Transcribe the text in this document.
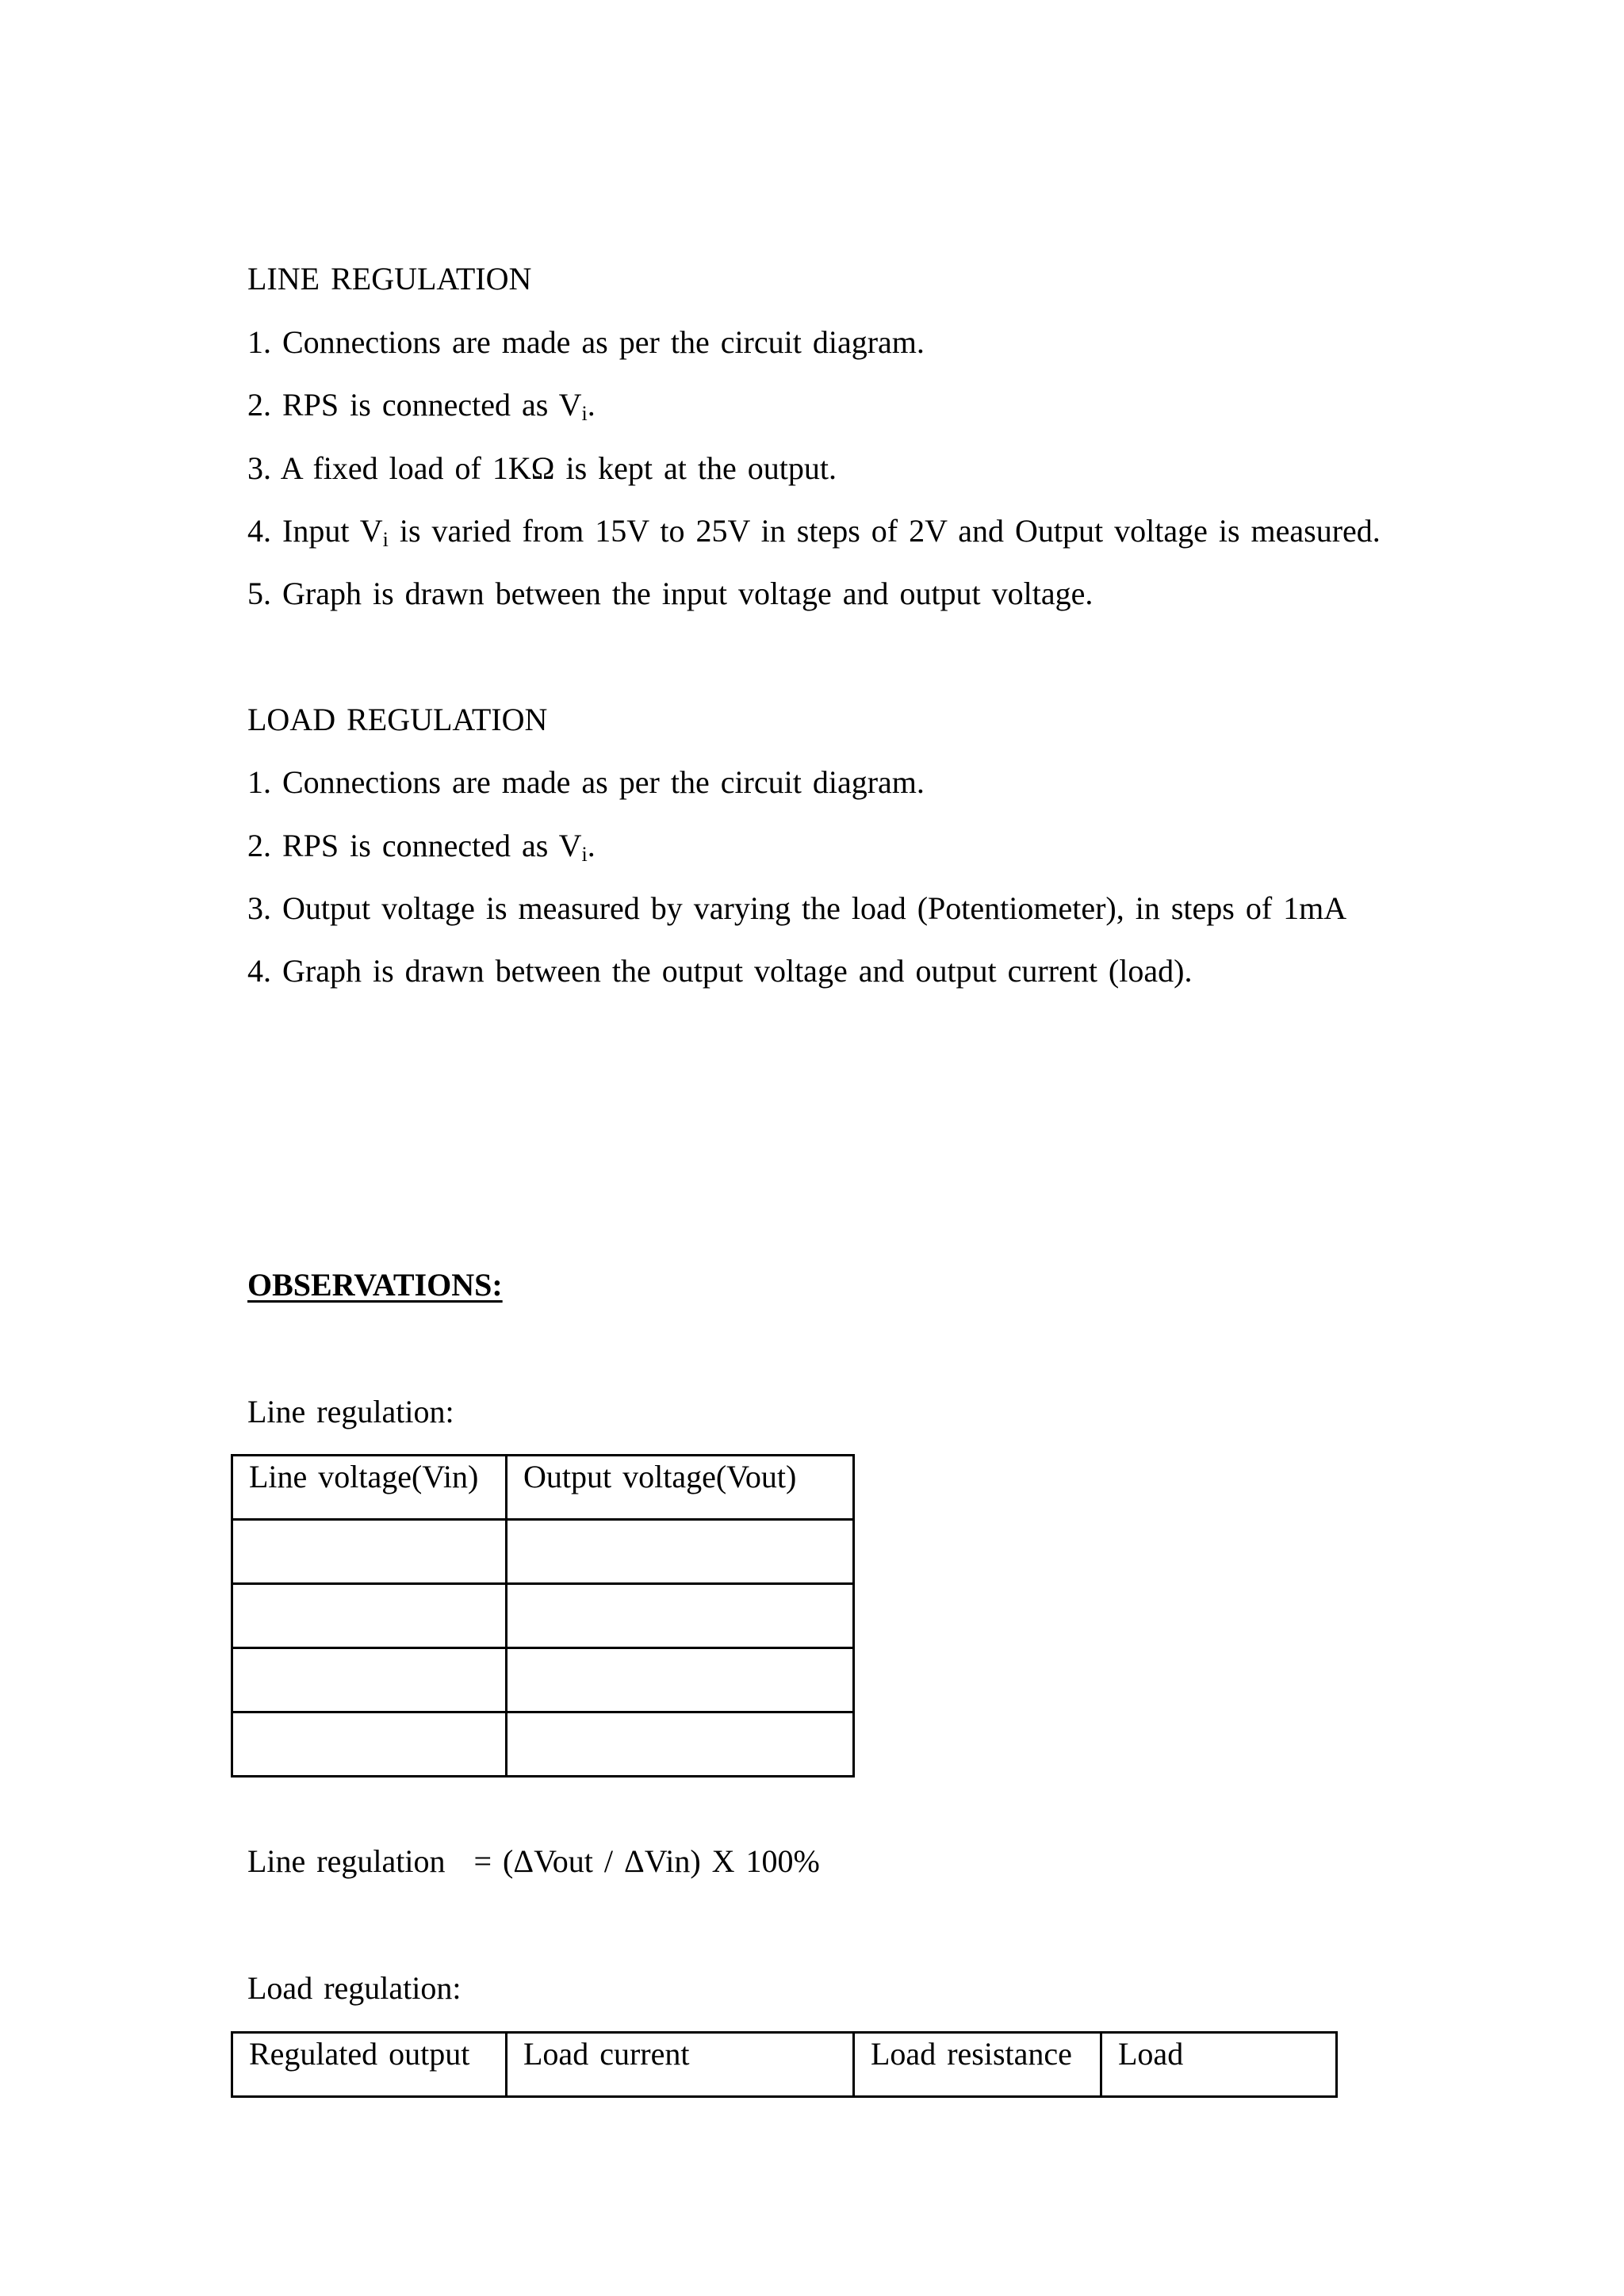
LINE REGULATION
1. Connections are made as per the circuit diagram.
2. RPS is connected as $V_i$.
3. A fixed load of 1KΩ is kept at the output.
4. Input $V_i$ is varied from 15V to 25V in steps of 2V and Output voltage is measured.
5. Graph is drawn between the input voltage and output voltage.
LOAD REGULATION
1. Connections are made as per the circuit diagram.
2. RPS is connected as $V_i$.
3. Output voltage is measured by varying the load (Potentiometer), in steps of 1mA
4. Graph is drawn between the output voltage and output current (load).
OBSERVATIONS:
Line regulation:
Line voltage(Vin)	Output voltage(Vout)

Line regulation = (ΔVout / ΔVin) X 100%
Load regulation:
Regulated output	Load current	Load resistance	Load
